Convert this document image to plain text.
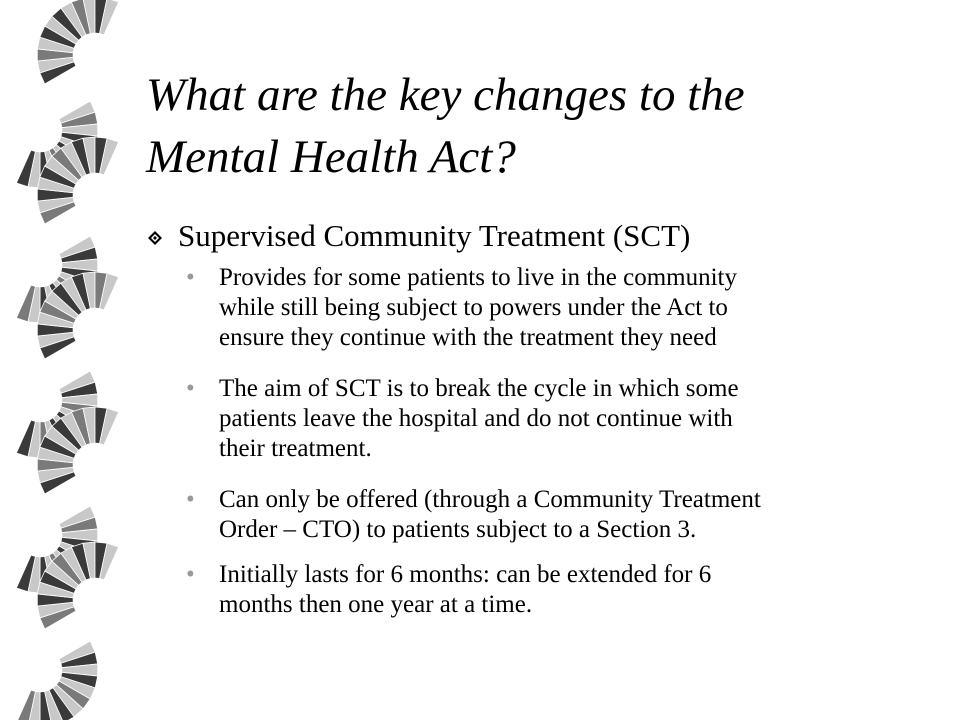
What are the key changes to the
Mental Health Act?
Supervised Community Treatment (SCT)
• Provides for some patients to live in the community
while still being subject to powers under the Act to
ensure they continue with the treatment they need
• The aim of SCT is to break the cycle in which some
patients leave the hospital and do not continue with
their treatment.
• Can only be offered (through a Community Treatment
Order – CTO) to patients subject to a Section 3.
• Initially lasts for 6 months: can be extended for 6
months then one year at a time.
